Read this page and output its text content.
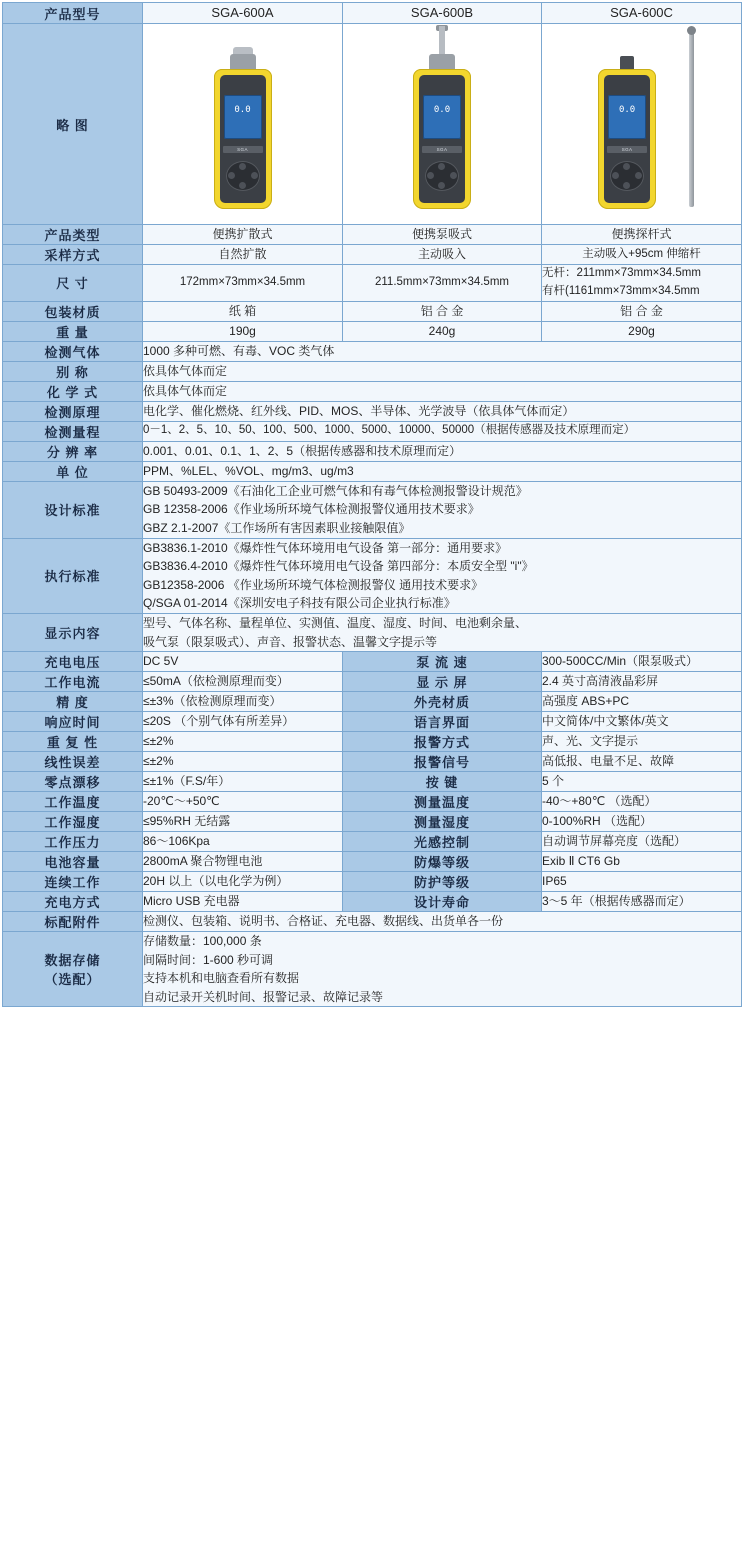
产品型号	SGA-600A	SGA-600B	SGA-600C
略 图	
SGA
0.0

SGA
0.0

SGA
0.0

产品类型	便携扩散式	便携泵吸式	便携探杆式
采样方式	自然扩散	主动吸入	主动吸入+95cm 伸缩杆
尺 寸	172mm×73mm×34.5mm	211.5mm×73mm×34.5mm	无杆：211mm×73mm×34.5mm
有杆(1161mm×73mm×34.5mm

包装材质	纸 箱	铝 合 金	铝 合 金
重 量	190g	240g	290g
检测气体	1000 多种可燃、有毒、VOC 类气体		
别 称	依具体气体而定		
化 学 式	依具体气体而定		
检测原理	电化学、催化燃烧、红外线、PID、MOS、半导体、光学波导（依具体气体而定）		
检测量程	0－1、2、5、10、50、100、500、1000、5000、10000、50000（根据传感器及技术原理而定）		
分 辨 率	0.001、0.01、0.1、1、2、5（根据传感器和技术原理而定）		
单 位	PPM、%LEL、%VOL、mg/m3、ug/m3		
设计标准	GB 50493-2009《石油化工企业可燃气体和有毒气体检测报警设计规范》
GB 12358-2006《作业场所环境气体检测报警仪通用技术要求》
GBZ 2.1-2007《工作场所有害因素职业接触限值》		

执行标准	GB3836.1-2010《爆炸性气体环境用电气设备 第一部分：通用要求》
GB3836.4-2010《爆炸性气体环境用电气设备 第四部分：本质安全型 "i"》
GB12358-2006 《作业场所环境气体检测报警仪 通用技术要求》
Q/SGA 01-2014《深圳安电子科技有限公司企业执行标准》		

显示内容	型号、气体名称、量程单位、实测值、温度、湿度、时间、电池剩余量、
吸气泵（限泵吸式）、声音、报警状态、温馨文字提示等		

充电电压	DC 5V	泵 流 速	300-500CC/Min（限泵吸式）
工作电流	≤50mA（依检测原理而变）	显 示 屏	2.4 英寸高清液晶彩屏
精 度	≤±3%（依检测原理而变）	外壳材质	高强度 ABS+PC
响应时间	≤20S （个别气体有所差异）	语言界面	中文简体/中文繁体/英文
重 复 性	≤±2%	报警方式	声、光、文字提示
线性误差	≤±2%	报警信号	高低报、电量不足、故障
零点漂移	≤±1%（F.S/年）	按 键	5 个
工作温度	-20℃～+50℃	测量温度	-40～+80℃ （选配）
工作湿度	≤95%RH 无结露	测量湿度	0-100%RH （选配）
工作压力	86～106Kpa	光感控制	自动调节屏幕亮度（选配）
电池容量	2800mA 聚合物锂电池	防爆等级	Exib Ⅱ CT6 Gb
连续工作	20H 以上（以电化学为例）	防护等级	IP65
充电方式	Micro USB 充电器	设计寿命	3～5 年（根据传感器而定）
标配附件	检测仪、包装箱、说明书、合格证、充电器、数据线、出货单各一份		

数据存储
（选配）

存储数量：100,000 条
间隔时间：1-600 秒可调
支持本机和电脑查看所有数据
自动记录开关机时间、报警记录、故障记录等
